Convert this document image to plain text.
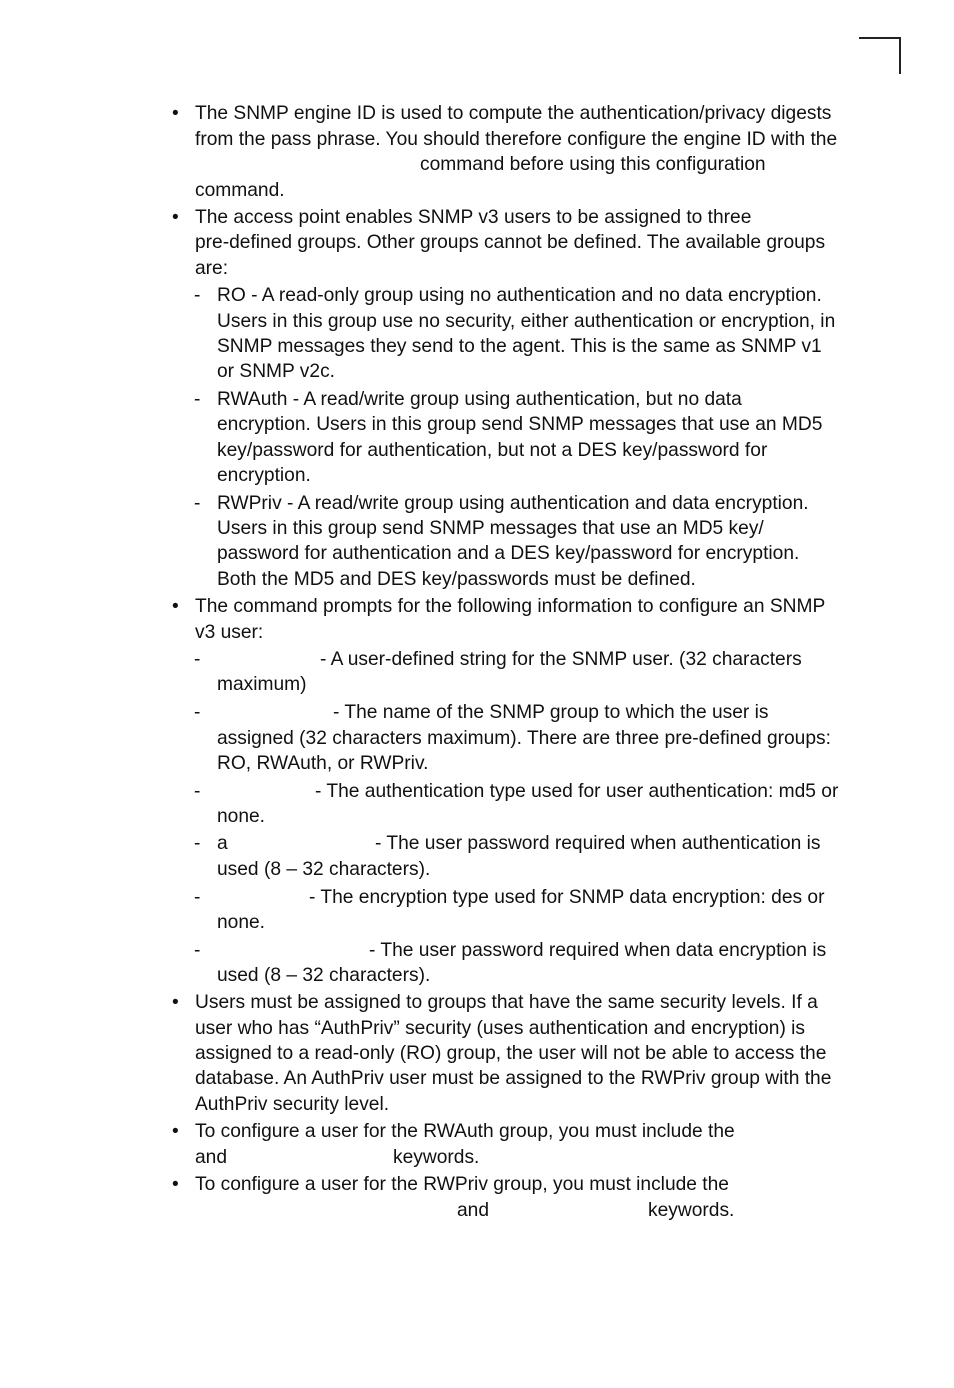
• The SNMP engine ID is used to compute the authentication/privacy digests
from the pass phrase. You should therefore configure the engine ID with the
command before using this configuration
command.
• The access point enables SNMP v3 users to be assigned to three
pre-defined groups. Other groups cannot be defined. The available groups
are:
- RO - A read-only group using no authentication and no data encryption.
Users in this group use no security, either authentication or encryption, in
SNMP messages they send to the agent. This is the same as SNMP v1
or SNMP v2c.
- RWAuth - A read/write group using authentication, but no data
encryption. Users in this group send SNMP messages that use an MD5
key/password for authentication, but not a DES key/password for
encryption.
- RWPriv - A read/write group using authentication and data encryption.
Users in this group send SNMP messages that use an MD5 key/
password for authentication and a DES key/password for encryption.
Both the MD5 and DES key/passwords must be defined.
• The command prompts for the following information to configure an SNMP
v3 user:
-	- A user-defined string for the SNMP user. (32 characters
maximum)
-	- The name of the SNMP group to which the user is
assigned (32 characters maximum). There are three pre-defined groups:
RO, RWAuth, or RWPriv.
-	- The authentication type used for user authentication: md5 or
none.
- a	- The user password required when authentication is
used (8 – 32 characters).
-	- The encryption type used for SNMP data encryption: des or
none.
-	- The user password required when data encryption is
used (8 – 32 characters).
• Users must be assigned to groups that have the same security levels. If a
user who has “AuthPriv” security (uses authentication and encryption) is
assigned to a read-only (RO) group, the user will not be able to access the
database. An AuthPriv user must be assigned to the RWPriv group with the
AuthPriv security level.
• To configure a user for the RWAuth group, you must include the
and	keywords.
• To configure a user for the RWPriv group, you must include the
and	keywords.
